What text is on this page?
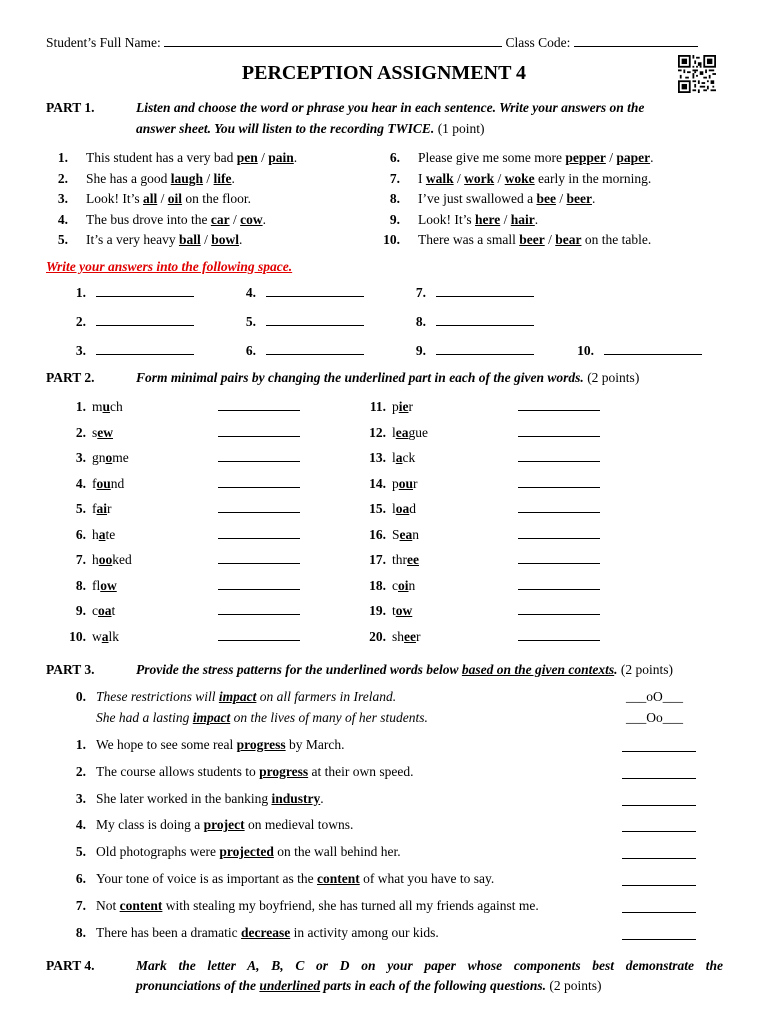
Student’s Full Name:	Class Code:
PERCEPTION ASSIGNMENT 4
PART 1.	Listen and choose the word or phrase you hear in each sentence. Write your answers on the
answer sheet. You will listen to the recording TWICE. (1 point)
1. This student has a very bad pen / pain.
2. She has a good laugh / life.
3. Look! It’s all / oil on the floor.
4. The bus drove into the car / cow.
5. It’s a very heavy ball / bowl.
6. Please give me some more pepper / paper.
7. I walk / work / woke early in the morning.
8. I’ve just swallowed a bee / beer.
9. Look! It’s here / hair.
10. There was a small beer / bear on the table.
Write your answers into the following space.
1.	4.	7.
2.	5.	8.
3.	6.	9.	10.
PART 2.	Form minimal pairs by changing the underlined part in each of the given words. (2 points)
1. much
2. sew
3. gnome
4. found
5. fair
6. hate
7. hooked
8. flow
9. coat
10. walk
11. pier
12. league
13. lack
14. pour
15. load
16. Sean
17. three
18. coin
19. tow
20. sheer
PART 3.	Provide the stress patterns for the underlined words below based on the given contexts. (2 points)
0. These restrictions will impact on all farmers in Ireland.	___oO___
She had a lasting impact on the lives of many of her students.	___Oo___
1. We hope to see some real progress by March.
2. The course allows students to progress at their own speed.
3. She later worked in the banking industry.
4. My class is doing a project on medieval towns.
5. Old photographs were projected on the wall behind her.
6. Your tone of voice is as important as the content of what you have to say.
7. Not content with stealing my boyfriend, she has turned all my friends against me.
8. There has been a dramatic decrease in activity among our kids.
PART 4.	Mark the letter A, B, C or D on your paper whose components best demonstrate the
pronunciations of the underlined parts in each of the following questions. (2 points)
